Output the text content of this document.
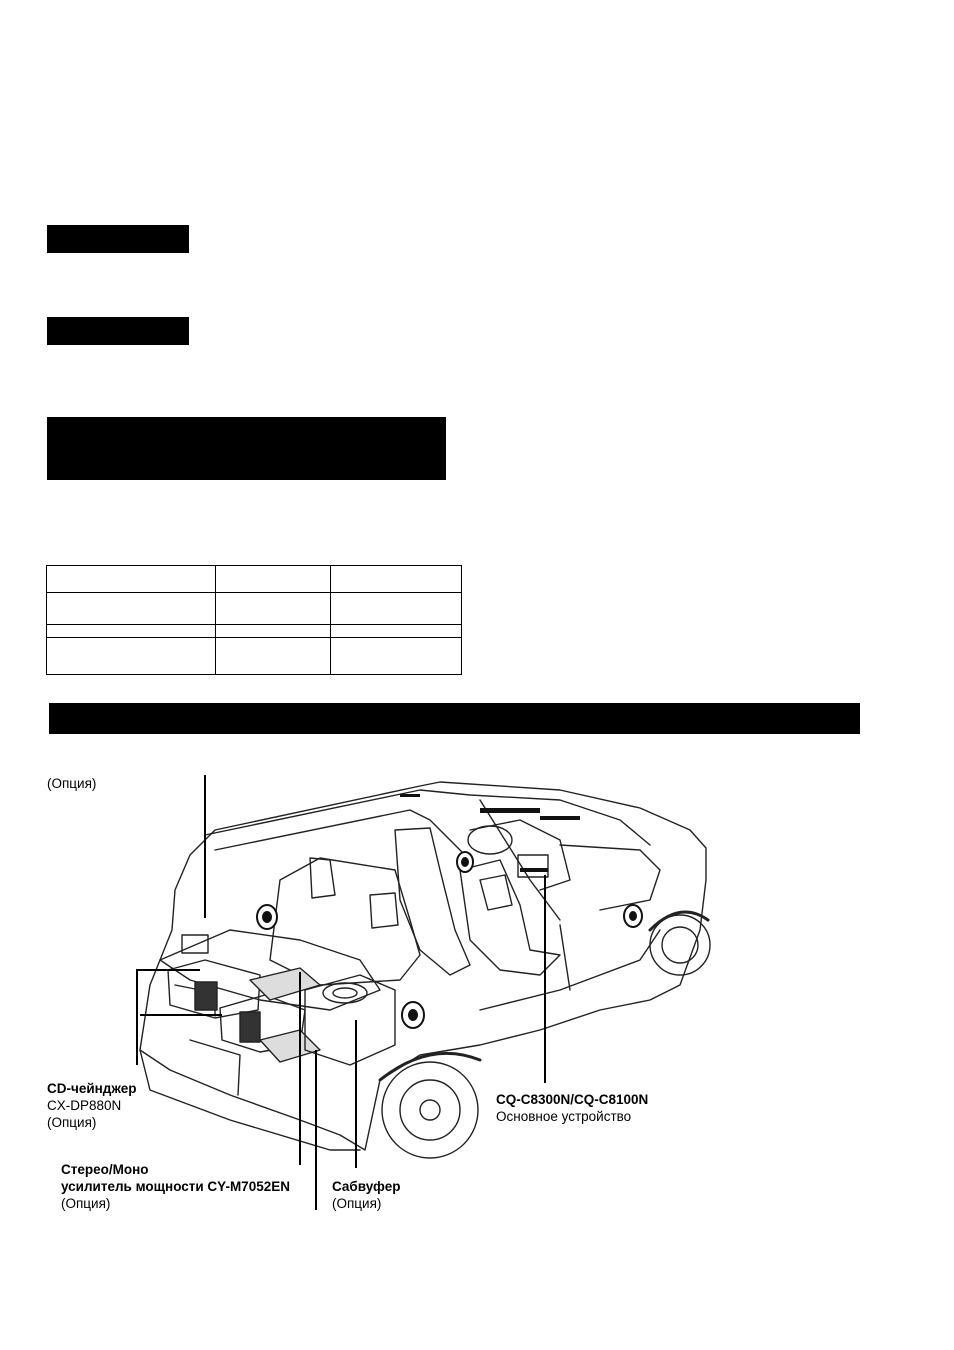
(Опция)
CD-чейнджер
CX-DP880N
(Опция)
Стерео/Моно
усилитель мощности CY-M7052EN
(Опция)
Сабвуфер
(Опция)
CQ-C8300N/CQ-C8100N
Основное устройство
